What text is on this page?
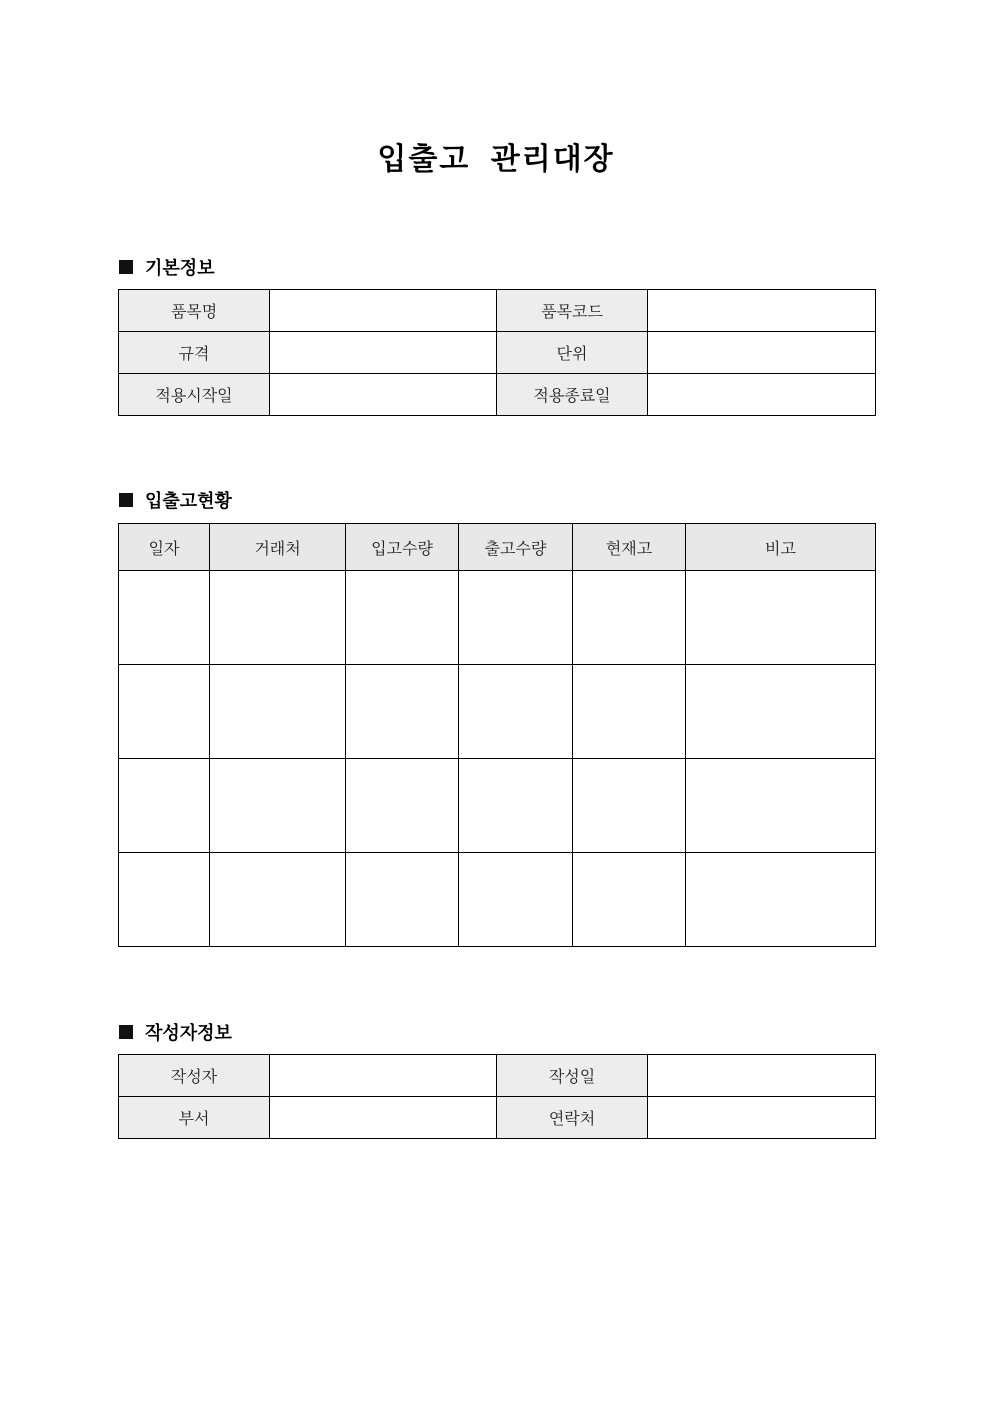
입출고 관리대장
기본정보
품목명		품목코드	
규격		단위	
적용시작일		적용종료일	
입출고현황
일자	거래처	입고수량	출고수량	현재고	비고

작성자정보
작성자		작성일	
부서		연락처	
